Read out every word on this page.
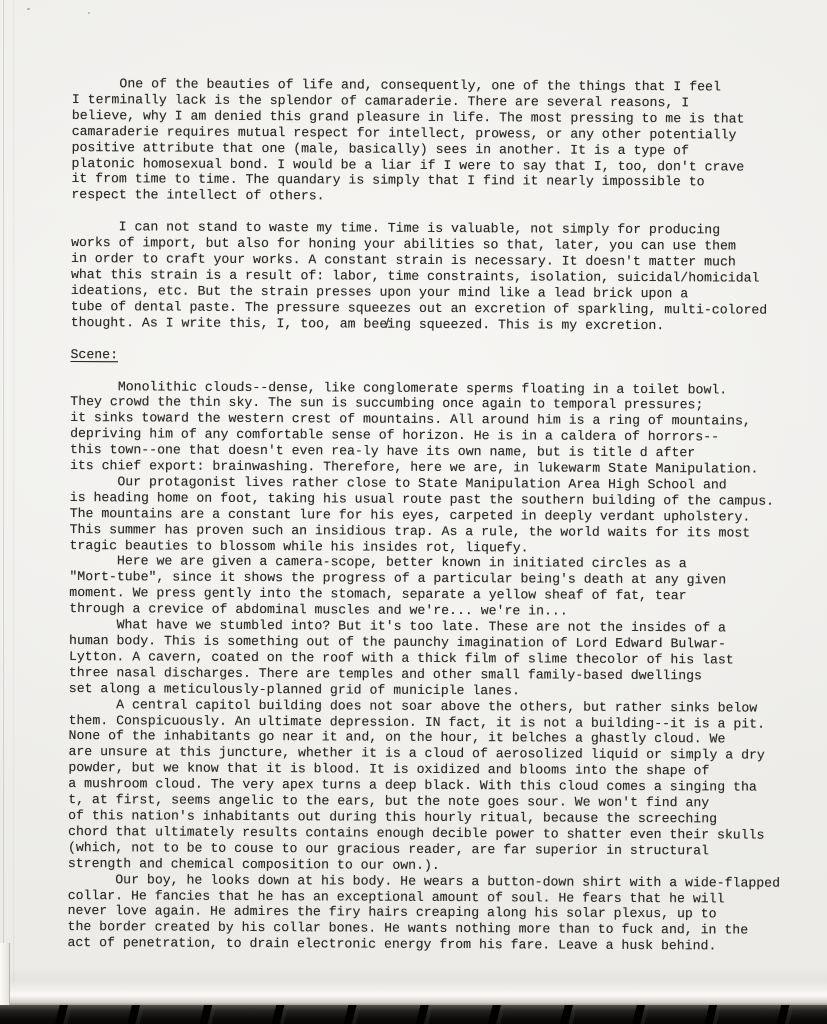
One of the beauties of life and, consequently, one of the things that I feel
I terminally lack is the splendor of camaraderie. There are several reasons, I
believe, why I am denied this grand pleasure in life. The most pressing to me is that
camaraderie requires mutual respect for intellect, prowess, or any other potentially
positive attribute that one (male, basically) sees in another. It is a type of
platonic homosexual bond. I would be a liar if I were to say that I, too, don't crave
it from time to time. The quandary is simply that I find it nearly impossible to
respect the intellect of others.

I can not stand to waste my time. Time is valuable, not simply for producing
works of import, but also for honing your abilities so that, later, you can use them
in order to craft your works. A constant strain is necessary. It doesn't matter much
what this strain is a result of: labor, time constraints, isolation, suicidal/homicidal
ideations, etc. But the strain presses upon your mind like a lead brick upon a
tube of dental paste. The pressure squeezes out an excretion of sparkling, multi-colored
thought. As I write this, I, too, am bee̸ing squeezed. This is my excretion.

Scene:

Monolithic clouds--dense, like conglomerate sperms floating in a toilet bowl.
They crowd the thin sky. The sun is succumbing once again to temporal pressures;
it sinks toward the western crest of mountains. All around him is a ring of mountains,
depriving him of any comfortable sense of horizon. He is in a caldera of horrors--
this town--one that doesn't even rea-ly have its own name, but is title d after
its chief export: brainwashing. Therefore, here we are, in lukewarm State Manipulation.

Our protagonist lives rather close to State Manipulation Area High School and
is heading home on foot, taking his usual route past the southern building of the campus.
The mountains are a constant lure for his eyes, carpeted in deeply verdant upholstery.
This summer has proven such an insidious trap. As a rule, the world waits for its most
tragic beauties to blossom while his insides rot, liquefy.

Here we are given a camera-scope, better known in initiated circles as a
"Mort-tube", since it shows the progress of a particular being's death at any given
moment. We press gently into the stomach, separate a yellow sheaf of fat, tear
through a crevice of abdominal muscles and we're... we're in...

What have we stumbled into? But it's too late. These are not the insides of a
human body. This is something out of the paunchy imagination of Lord Edward Bulwar-
Lytton. A cavern, coated on the roof with a thick film of slime thecolor of his last
three nasal discharges. There are temples and other small family-based dwellings
set along a meticulously-planned grid of municiple lanes.

A central capitol building does not soar above the others, but rather sinks below
them. Conspicuously. An ultimate depression. IN fact, it is not a building--it is a pit.
None of the inhabitants go near it and, on the hour, it belches a ghastly cloud. We
are unsure at this juncture, whether it is a cloud of aerosolized liquid or simply a dry
powder, but we know that it is blood. It is oxidized and blooms into the shape of
a mushroom cloud. The very apex turns a deep black. With this cloud comes a singing tha
t, at first, seems angelic to the ears, but the note goes sour. We won't find any
of this nation's inhabitants out during this hourly ritual, because the screeching
chord that ultimately results contains enough decible power to shatter even their skulls
(which, not to be to couse to our gracious reader, are far superior in structural
strength and chemical composition to our own.).

Our boy, he looks down at his body. He wears a button-down shirt with a wide-flapped
collar. He fancies that he has an exceptional amount of soul. He fears that he will
never love again. He admires the firy hairs creaping along his solar plexus, up to
the border created by his collar bones. He wants nothing more than to fuck and, in the
act of penetration, to drain electronic energy from his fare. Leave a husk behind.
